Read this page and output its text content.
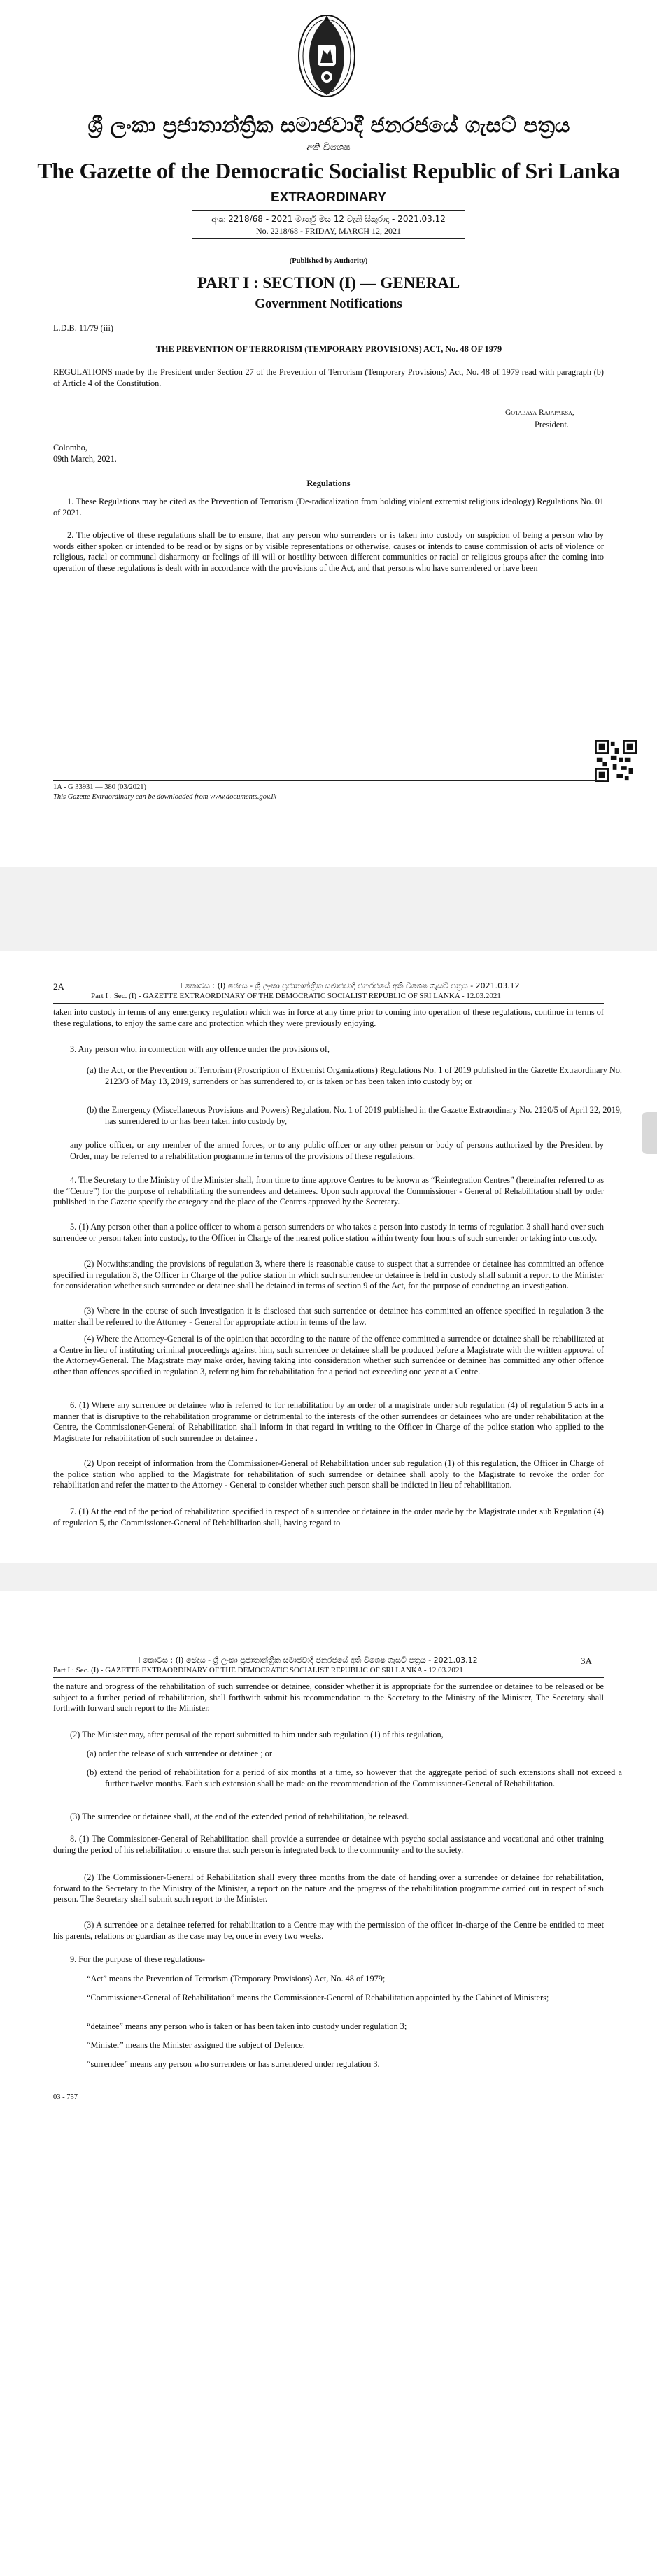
ශ්‍රී ලංකා ප්‍රජාතාන්ත්‍රික සමාජවාදී ජනරජයේ ගැසට් පත්‍රය
අති විශෙෂ
The Gazette of the Democratic Socialist Republic of Sri Lanka
EXTRAORDINARY
අංක 2218/68 - 2021 මාර්තු මස 12 වැනි සිකුරාදා - 2021.03.12
No. 2218/68 - FRIDAY, MARCH 12, 2021
(Published by Authority)
PART I : SECTION (I) — GENERAL
Government Notifications
L.D.B. 11/79 (iii)
THE PREVENTION OF TERRORISM (TEMPORARY PROVISIONS) ACT, No. 48 OF 1979
REGULATIONS made by the President under Section 27 of the Prevention of Terrorism (Temporary Provisions) Act, No. 48 of 1979 read with paragraph (b) of Article 4 of the Constitution.
Gotabaya Rajapaksa,
President.
Colombo,
09th March, 2021.
Regulations
1. These Regulations may be cited as the Prevention of Terrorism (De-radicalization from holding violent extremist religious ideology) Regulations No. 01 of 2021.
2. The objective of these regulations shall be to ensure, that any person who surrenders or is taken into custody on suspicion of being a person who by words either spoken or intended to be read or by signs or by visible representations or otherwise, causes or intends to cause commission of acts of violence or religious, racial or communal disharmony or feelings of ill will or hostility between different communities or racial or religious groups after the coming into operation of these regulations is dealt with in accordance with the provisions of the Act, and that persons who have surrendered or have been
1A - G 33931 — 380 (03/2021)
This Gazette Extraordinary can be downloaded from www.documents.gov.lk
2A	I කොටස : (I) ඡෙදය - ශ්‍රී ලංකා ප්‍රජාතාන්ත්‍රික සමාජවාදී ජනරජයේ අති විශෙෂ ගැසට් පත්‍රය - 2021.03.12
Part I : Sec. (I) - GAZETTE EXTRAORDINARY OF THE DEMOCRATIC SOCIALIST REPUBLIC OF SRI LANKA - 12.03.2021
taken into custody in terms of any emergency regulation which was in force at any time prior to coming into operation of these regulations, continue in terms of these regulations, to enjoy the same care and protection which they were previously enjoying.
3. Any person who, in connection with any offence under the provisions of,
(a) the Act, or the Prevention of Terrorism (Proscription of Extremist Organizations) Regulations No. 1 of 2019 published in the Gazette Extraordinary No. 2123/3 of May 13, 2019, surrenders or has surrendered to, or is taken or has been taken into custody by; or
(b) the Emergency (Miscellaneous Provisions and Powers) Regulation, No. 1 of 2019 published in the Gazette Extraordinary No. 2120/5 of April 22, 2019, has surrendered to or has been taken into custody by,
any police officer, or any member of the armed forces, or to any public officer or any other person or body of persons authorized by the President by Order, may be referred to a rehabilitation programme in terms of the provisions of these regulations.
4. The Secretary to the Ministry of the Minister shall, from time to time approve Centres to be known as “Reintegration Centres” (hereinafter referred to as the “Centre”) for the purpose of rehabilitating the surrendees and detainees. Upon such approval the Commissioner - General of Rehabilitation shall by order published in the Gazette specify the category and the place of the Centres approved by the Secretary.
5. (1) Any person other than a police officer to whom a person surrenders or who takes a person into custody in terms of regulation 3 shall hand over such surrendee or person taken into custody, to the Officer in Charge of the nearest police station within twenty four hours of such surrender or taking into custody.
(2) Notwithstanding the provisions of regulation 3, where there is reasonable cause to suspect that a surrendee or detainee has committed an offence specified in regulation 3, the Officer in Charge of the police station in which such surrendee or detainee is held in custody shall submit a report to the Minister for consideration whether such surrendee or detainee shall be detained in terms of section 9 of the Act, for the purpose of conducting an investigation.
(3) Where in the course of such investigation it is disclosed that such surrendee or detainee has committed an offence specified in regulation 3 the matter shall be referred to the Attorney - General for appropriate action in terms of the law.
(4) Where the Attorney-General is of the opinion that according to the nature of the offence committed a surrendee or detainee shall be rehabilitated at a Centre in lieu of instituting criminal proceedings against him, such surrendee or detainee shall be produced before a Magistrate with the written approval of the Attorney-General. The Magistrate may make order, having taking into consideration whether such surrendee or detainee has committed any other offence other than offences specified in regulation 3, referring him for rehabilitation for a period not exceeding one year at a Centre.
6. (1) Where any surrendee or detainee who is referred to for rehabilitation by an order of a magistrate under sub regulation (4) of regulation 5 acts in a manner that is disruptive to the rehabilitation programme or detrimental to the interests of the other surrendees or detainees who are under rehabilitation at the Centre, the Commissioner-General of Rehabilitation shall inform in that regard in writing to the Officer in Charge of the police station who applied to the Magistrate for rehabilitation of such surrendee or detainee .
(2) Upon receipt of information from the Commissioner-General of Rehabilitation under sub regulation (1) of this regulation, the Officer in Charge of the police station who applied to the Magistrate for rehabilitation of such surrendee or detainee shall apply to the Magistrate to revoke the order for rehabilitation and refer the matter to the Attorney - General to consider whether such person shall be indicted in lieu of rehabilitation.
7. (1) At the end of the period of rehabilitation specified in respect of a surrendee or detainee in the order made by the Magistrate under sub Regulation (4) of regulation 5, the Commissioner-General of Rehabilitation shall, having regard to
I කොටස : (I) ඡෙදය - ශ්‍රී ලංකා ප්‍රජාතාන්ත්‍රික සමාජවාදී ජනරජයේ අති විශෙෂ ගැසට් පත්‍රය - 2021.03.12	3A
Part I : Sec. (I) - GAZETTE EXTRAORDINARY OF THE DEMOCRATIC SOCIALIST REPUBLIC OF SRI LANKA - 12.03.2021
the nature and progress of the rehabilitation of such surrendee or detainee, consider whether it is appropriate for the surrendee or detainee to be released or be subject to a further period of rehabilitation, shall forthwith submit his recommendation to the Secretary to the Ministry of the Minister, The Secretary shall forthwith forward such report to the Minister.
(2) The Minister may, after perusal of the report submitted to him under sub regulation (1) of this regulation,
(a) order the release of such surrendee or detainee ; or
(b) extend the period of rehabilitation for a period of six months at a time, so however that the aggregate period of such extensions shall not exceed a further twelve months. Each such extension shall be made on the recommendation of the Commissioner-General of Rehabilitation.
(3) The surrendee or detainee shall, at the end of the extended period of rehabilitation, be released.
8. (1) The Commissioner-General of Rehabilitation shall provide a surrendee or detainee with psycho social assistance and vocational and other training during the period of his rehabilitation to ensure that such person is integrated back to the community and to the society.
(2) The Commissioner-General of Rehabilitation shall every three months from the date of handing over a surrendee or detainee for rehabilitation, forward to the Secretary to the Ministry of the Minister, a report on the nature and the progress of the rehabilitation programme carried out in respect of such person. The Secretary shall submit such report to the Minister.
(3) A surrendee or a detainee referred for rehabilitation to a Centre may with the permission of the officer in-charge of the Centre be entitled to meet his parents, relations or guardian as the case may be, once in every two weeks.
9. For the purpose of these regulations-
“Act” means the Prevention of Terrorism (Temporary Provisions) Act, No. 48 of 1979;
“Commissioner-General of Rehabilitation” means the Commissioner-General of Rehabilitation appointed by the Cabinet of Ministers;
“detainee” means any person who is taken or has been taken into custody under regulation 3;
“Minister” means the Minister assigned the subject of Defence.
“surrendee” means any person who surrenders or has surrendered under regulation 3.
03 - 757
